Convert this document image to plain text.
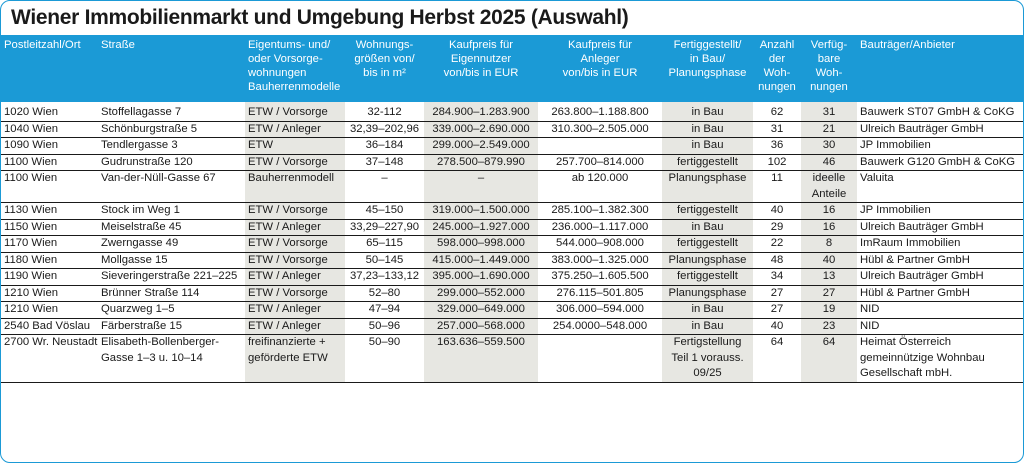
Wiener Immobilienmarkt und Umgebung Herbst 2025 (Auswahl)
Postleitzahl/Ort	Straße	Eigentums- und/
oder Vorsorge-
wohnungen
Bauherrenmodelle	Wohnungs-
größen von/
bis in m²	Kaufpreis für
Eigennutzer
von/bis in EUR	Kaufpreis für
Anleger
von/bis in EUR	Fertiggestellt/
in Bau/
Planungsphase	Anzahl
der Woh-
nungen	Verfüg-
bare Woh-
nungen	Bauträger/Anbieter
1020 Wien	Stoffellagasse 7	ETW / Vorsorge	32-112	284.900–1.283.900	263.800–1.188.800	in Bau	62	31	Bauwerk ST07 GmbH & CoKG
1040 Wien	Schönburgstraße 5	ETW / Anleger	32,39–202,96	339.000–2.690.000	310.300–2.505.000	in Bau	31	21	Ulreich Bauträger GmbH
1090 Wien	Tendlergasse 3	ETW	36–184	299.000–2.549.000		in Bau	36	30	JP Immobilien
1100 Wien	Gudrunstraße 120	ETW / Vorsorge	37–148	278.500–879.990	257.700–814.000	fertiggestellt	102	46	Bauwerk G120 GmbH & CoKG
1100 Wien	Van-der-Nüll-Gasse 67	Bauherrenmodell	–	–	ab 120.000	Planungsphase	11	ideelle Anteile	Valuita
1130 Wien	Stock im Weg 1	ETW / Vorsorge	45–150	319.000–1.500.000	285.100–1.382.300	fertiggestellt	40	16	JP Immobilien
1150 Wien	Meiselstraße 45	ETW / Anleger	33,29–227,90	245.000–1.927.000	236.000–1.117.000	in Bau	29	16	Ulreich Bauträger GmbH
1170 Wien	Zwerngasse 49	ETW / Vorsorge	65–115	598.000–998.000	544.000–908.000	fertiggestellt	22	8	ImRaum Immobilien
1180 Wien	Mollgasse 15	ETW / Vorsorge	50–145	415.000–1.449.000	383.000–1.325.000	Planungsphase	48	40	Hübl & Partner GmbH
1190 Wien	Sieveringerstraße 221–225	ETW / Anleger	37,23–133,12	395.000–1.690.000	375.250–1.605.500	fertiggestellt	34	13	Ulreich Bauträger GmbH
1210 Wien	Brünner Straße 114	ETW / Vorsorge	52–80	299.000–552.000	276.115–501.805	Planungsphase	27	27	Hübl & Partner GmbH
1210 Wien	Quarzweg 1–5	ETW / Anleger	47–94	329.000–649.000	306.000–594.000	in Bau	27	19	NID
2540 Bad Vöslau	Färberstraße 15	ETW / Anleger	50–96	257.000–568.000	254.0000–548.000	in Bau	40	23	NID
2700 Wr. Neustadt	Elisabeth-Bollenberger-Gasse 1–3 u. 10–14	freifinanzierte + geförderte ETW	50–90	163.636–559.500		Fertigstellung Teil 1 vorauss. 09/25	64	64	Heimat Österreich gemeinnützige Wohnbau Gesellschaft mbH.
